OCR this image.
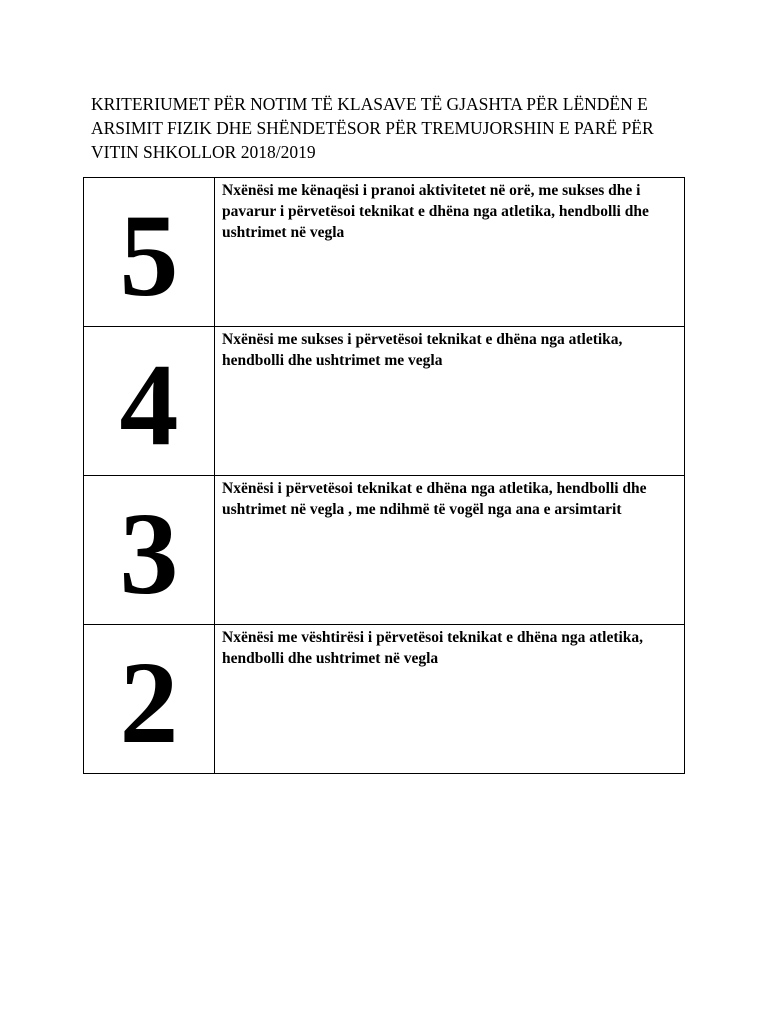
KRITERIUMET PËR NOTIM TË KLASAVE TË GJASHTA PËR LËNDËN E ARSIMIT FIZIK DHE SHËNDETËSOR PËR TREMUJORSHIN E PARË PËR VITIN SHKOLLOR 2018/2019
5	Nxënësi me kënaqësi i pranoi aktivitetet në orë, me sukses dhe i pavarur i përvetësoi teknikat e dhëna nga atletika, hendbolli dhe ushtrimet në vegla

4	Nxënësi me sukses i përvetësoi teknikat e dhëna nga atletika, hendbolli dhe ushtrimet me vegla

3	Nxënësi i përvetësoi teknikat e dhëna nga atletika, hendbolli dhe ushtrimet në vegla , me ndihmë të vogël nga ana e arsimtarit

2	Nxënësi me vështirësi i përvetësoi teknikat e dhëna nga atletika, hendbolli dhe ushtrimet në vegla
